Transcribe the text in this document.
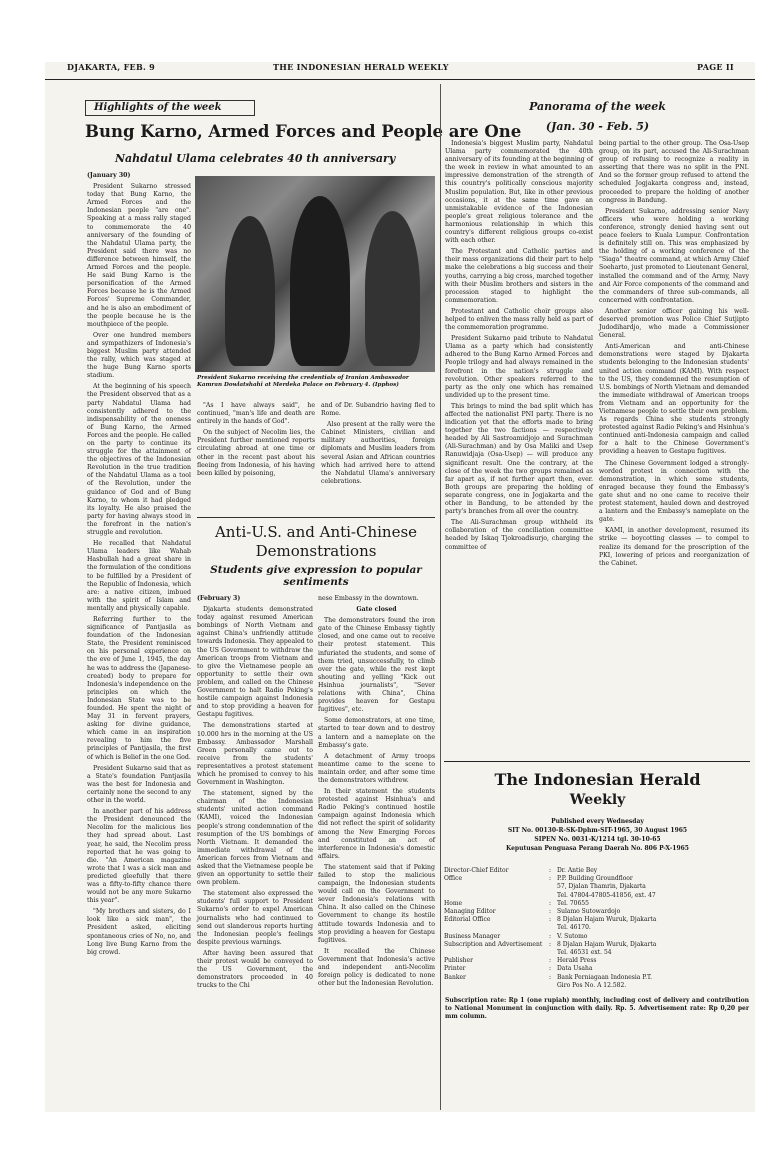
DJAKARTA, FEB. 9	THE INDONESIAN HERALD WEEKLY	PAGE II
Highlights of the week
Bung Karno, Armed Forces and People are One
Nahdatul Ulama celebrates 40 th anniversary

(January 30)

President Sukarno stressed today that Bung Karno, the Armed Forces and the Indonesian people "are one". Speaking at a mass rally staged to commemorate the 40 anniversary of the founding of the Nahdatul Ulama party, the President said there was no difference between himself, the Armed Forces and the people. He said Bung Karno is the personification of the Armed Forces because he is the Armed Forces' Supreme Commander, and he is also an embodiment of the people because he is the mouthpiece of the people.

Over one hundred members and sympathizers of Indonesia's biggest Muslim party attended the rally, which was staged at the huge Bung Karno sports stadium.

At the beginning of his speech the President observed that as a party Nahdatul Ulama had consistently adhered to the indispensability of the oneness of Bung Karno, the Armed Forces and the people. He called on the party to continue its struggle for the attainment of the objectives of the Indonesian Revolution in the true tradition of the Nahdatul Ulama as a tool of the Revolution, under the guidance of God and of Bung Karno, to whom it had pledged its loyalty. He also praised the party for having always stood in the forefront in the nation's struggle and revolution.

He recalled that Nahdatul Ulama leaders like Wahab Hasbullah had a great share in the formulation of the conditions to be fulfilled by a President of the Republic of Indonesia, which are: a native citizen, imbued with the spirit of Islam and mentally and physically capable.

Referring further to the significance of Pantjasila as foundation of the Indonesian State, the President reminisced on his personal experience on the eve of June 1, 1945, the day he was to address the (Japanese-created) body to prepare for Indonesia's independence on the principles on which the Indonesian State was to be founded. He spent the night of May 31 in fervent prayers, asking for divine guidance, which came in an inspiration revealing to him the five principles of Pantjasila, the first of which is Belief in the one God.

President Sukarno said that as a State's foundation Pantjasila was the best for Indonesia and certainly none the second to any other in the world.

In another part of his address the President denounced the Necolim for the malicious lies they had spread about. Last year, he said, the Necolim press reported that he was going to die. "An American magazine wrote that I was a sick man and predicted gleefully that there was a fifty-to-fifty chance there would not be any more Sukarno this year".

"My brothers and sisters, do I look like a sick man", the President asked, eliciting spontaneous cries of No, no, and Long live Bung Karno from the big crowd.

President Sukarno receiving the credentials of Iranian Ambassador Kamran Dowlatshahi at Merdeka Palace on February 4. (Ipphos)

"As I have always said", he continued, "man's life and death are entirely in the hands of God".

On the subject of Necolim lies, the President further mentioned reports circulating abroad at one time or other in the recent past about his fleeing from Indonesia, of his having been killed by poisoning,

and of Dr. Subandrio having fled to Rome.

Also present at the rally were the Cabinet Ministers, civilian and military authorities, foreign diplomats and Muslim leaders from several Asian and African countries which had arrived here to attend the Nahdatul Ulama's anniversary celebrations.

Anti-U.S. and Anti-Chinese Demonstrations
Students give expression to popular sentiments

(February 3)

Djakarta students demonstrated today against resumed American bombings of North Vietnam and against China's unfriendly attitude towards Indonesia. They appealed to the US Government to withdraw the American troops from Vietnam and to give the Vietnamese people an opportunity to settle their own problem, and called on the Chinese Government to halt Radio Peking's hostile campaign against Indonesia and to stop providing a heaven for Gestapu fugitives.

The demonstrations started at 10.000 hrs in the morning at the US Embassy. Ambassador Marshall Green personally came out to receive from the students' representatives a protest statement which he promised to convey to his Government in Washington.

The statement, signed by the chairman of the Indonesian students' united action command (KAMI), voiced the Indonesian people's strong condemnation of the resumption of the US bombings of North Vietnam. It demanded the immediate withdrawal of the American forces from Vietnam and asked that the Vietnamese people be given an opportunity to settle their own problem.

The statement also expressed the students' full support to President Sukarno's order to expel American journalists who had continued to send out slanderous reports hurting the Indonesian people's feelings despite previous warnings.

After having been assured that their protest would be conveyed to the US Government, the demonstrators proceeded in 40 trucks to the Chi

nese Embassy in the downtown.

Gate closed

The demonstrators found the iron gate of the Chinese Embassy tightly closed, and one came out to receive their protest statement. This infuriated the students, and some of them tried, unsuccessfully, to climb over the gate, while the rest kept shouting and yelling "Kick out Hsinhua journalists", "Sever relations with China", China provides heaven for Gestapu fugitives", etc.

Some demonstrators, at one time, started to tear down and to destroy a lantern and a nameplate on the Embassy's gate.

A detachment of Army troops meantime came to the scene to maintain order, and after some time the demonstrators withdrew.

In their statement the students protested against Hsinhua's and Radio Peking's continued hostile campaign against Indonesia which did not reflect the spirit of solidarity among the New Emerging Forces and constituted an act of interference in Indonesia's domestic affairs.

The statement said that if Peking failed to stop the malicious campaign, the Indonesian students would call on the Government to sever Indonesia's relations with China. It also called on the Chinese Government to change its hostile attitude towards Indonesia and to stop providing a heaven for Gestapu fugitives.

It recalled the Chinese Government that Indonesia's active and independent anti-Necolim foreign policy is dedicated to none other but the Indonesian Revolution.

Panorama of the week
(Jan. 30 - Feb. 5)

Indonesia's biggest Muslim party, Nahdatul Ulama party commemorated the 40th anniversary of its founding at the beginning of the week in review in what amounted to an impressive demonstration of the strength of this country's politically conscious majority Muslim population. But, like in other previous occasions, it at the same time gave an unmistakable evidence of the Indonesian people's great religious tolerance and the harmonious relationship in which this country's different religious groups co-exist with each other.

The Protestant and Catholic parties and their mass organizations did their part to help make the celebrations a big success and their youths, carrying a big cross, marched together with their Muslim brothers and sisters in the procession staged to highlight the commemoration.

Protestant and Catholic choir groups also helped to enliven the mass rally held as part of the commemoration programme.

President Sukarno paid tribute to Nahdatul Ulama as a party which had consistently adhered to the Bung Karno Armed Forces and People trilogy and had always remained in the forefront in the nation's struggle and revolution. Other speakers referred to the party as the only one which has remained undivided up to the present time.

This brings to mind the bad split which has affected the nationalist PNI party. There is no indication yet that the efforts made to bring together the two factions — respectively headed by Ali Sastroamidjojo and Surachman (Ali-Surachman) and by Osa Maliki and Usep Ranuwidjaja (Osa-Usep) — will produce any significant result. One the contrary, at the close of the week the two groups remained as far apart as, if not further apart then, ever. Both groups are preparing the holding of separate congress, one in Jogjakarta and the other in Bandung, to be attended by the party's branches from all over the country.

The Ali-Surachman group withheld its collaboration of the conciliation committee headed by Iskaq Tjokroadisurjo, charging the committee of

being partial to the other group. The Osa-Usep group, on its part, accused the Ali-Surachman group of refusing to recognize a reality in asserting that there was no split in the PNI. And so the former group refused to attend the scheduled Jogjakarta congress and, instead, proceeded to prepare the holding of another congress in Bandung.

President Sukarno, addressing senior Navy officers who were holding a working conference, strongly denied having sent out peace feelers to Kuala Lumpur. Confrontation is definitely still on. This was emphasized by the holding of a working conference of the "Siaga" theatre command, at which Army Chief Soeharto, just promoted to Lieutenant General, installed the command and of the Army, Navy and Air Force components of the command and the commanders of three sub-commands, all concerned with confrontation.

Another senior officer gaining his well-deserved promotion was Police Chief Sutjipto Judodihardjo, who made a Commissioner General.

Anti-American and anti-Chinese demonstrations were staged by Djakarta students belonging to the Indonesian students' united action command (KAMI). With respect to the US, they condemned the resumption of U.S. bombings of North Vietnam and demanded the immediate withdrawal of American troops from Vietnam and an opportunity for the Vietnamese people to settle their own problem. As regards China she students strongly protested against Radio Peking's and Hsinhua's continued anti-Indonesia campaign and called for a halt to the Chinese Government's providing a heaven to Gestapu fugitives.

The Chinese Government lodged a strongly-worded protest in connection with the demonstration, in which some students, enraged because they found the Embassy's gate shut and no one came to receive their protest statement, hauled down and destroyed a lantern and the Embassy's nameplate on the gate.

KAMI, in another development, resumed its strike — boycotting classes — to compel to realize its demand for the proscription of the PKI, lowering of prices and reorganization of the Cabinet.

The Indonesian Herald
Weekly
Published every Wednesday
SIT No. 00130-R-SK-Dphm-SIT-1965, 30 August 1965
SIPEN No. 0031-K/1214 tgl. 30-10-65
Keputusan Penguasa Perang Daerah No. 806 P-X-1965
Director-Chief Editor	: Dr. Antie Bey
Office	: P.P. Building Groundfloor
57, Djalan Thamrin, Djakarta
Tel. 47804-47805-41856, ext. 47
Home	: Tel. 70655
Managing Editor	: Sulamo Sutowardojo
Editorial Office	: 8 Djalan Hajam Wuruk, Djakarta
Tel. 46170.
Business Manager	: V. Sutomo
Subscription and Advertisement	: 8 Djalan Hajam Wuruk, Djakarta
Tel. 46531 ext. 54
Publisher	: Herald Press
Printer	: Data Usaha
Banker	: Bank Perniagaan Indonesia P.T.
Giro Pos No. A 12.582.
Subscription rate: Rp 1 (one rupiah) monthly, including cost of delivery and contribution to National Monument in conjunction with daily. Rp. 5. Advertisement rate: Rp 0,20 per mm column.
